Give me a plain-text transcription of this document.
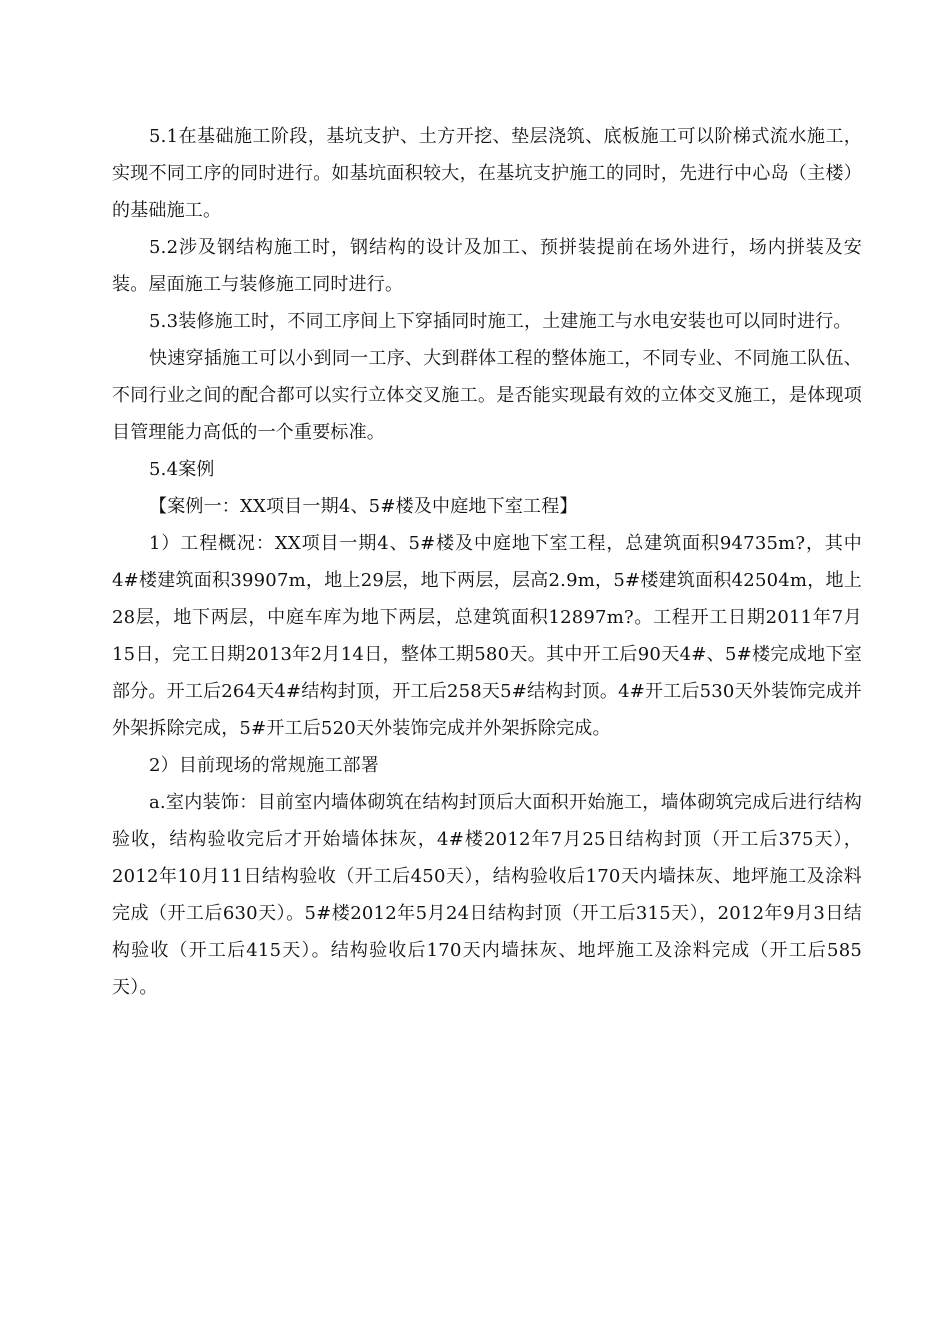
5.1在基础施工阶段，基坑支护、土方开挖、垫层浇筑、底板施工可以阶梯式流水施工，实现不同工序的同时进行。如基坑面积较大，在基坑支护施工的同时，先进行中心岛（主楼）的基础施工。

5.2涉及钢结构施工时，钢结构的设计及加工、预拼装提前在场外进行，场内拼装及安装。屋面施工与装修施工同时进行。

5.3装修施工时，不同工序间上下穿插同时施工，土建施工与水电安装也可以同时进行。

快速穿插施工可以小到同一工序、大到群体工程的整体施工，不同专业、不同施工队伍、不同行业之间的配合都可以实行立体交叉施工。是否能实现最有效的立体交叉施工，是体现项目管理能力高低的一个重要标准。

5.4案例

【案例一：XX项目一期4、5#楼及中庭地下室工程】

1）工程概况：XX项目一期4、5#楼及中庭地下室工程，总建筑面积94735m?，其中4#楼建筑面积39907m，地上29层，地下两层，层高2.9m，5#楼建筑面积42504m，地上28层，地下两层，中庭车库为地下两层，总建筑面积12897m?。工程开工日期2011年7月15日，完工日期2013年2月14日，整体工期580天。其中开工后90天4#、5#楼完成地下室部分。开工后264天4#结构封顶，开工后258天5#结构封顶。4#开工后530天外装饰完成并外架拆除完成，5#开工后520天外装饰完成并外架拆除完成。

2）目前现场的常规施工部署

a.室内装饰：目前室内墙体砌筑在结构封顶后大面积开始施工，墙体砌筑完成后进行结构验收，结构验收完后才开始墙体抹灰，4#楼2012年7月25日结构封顶（开工后375天），2012年10月11日结构验收（开工后450天），结构验收后170天内墙抹灰、地坪施工及涂料完成（开工后630天）。5#楼2012年5月24日结构封顶（开工后315天），2012年9月3日结构验收（开工后415天）。结构验收后170天内墙抹灰、地坪施工及涂料完成（开工后585天）。
